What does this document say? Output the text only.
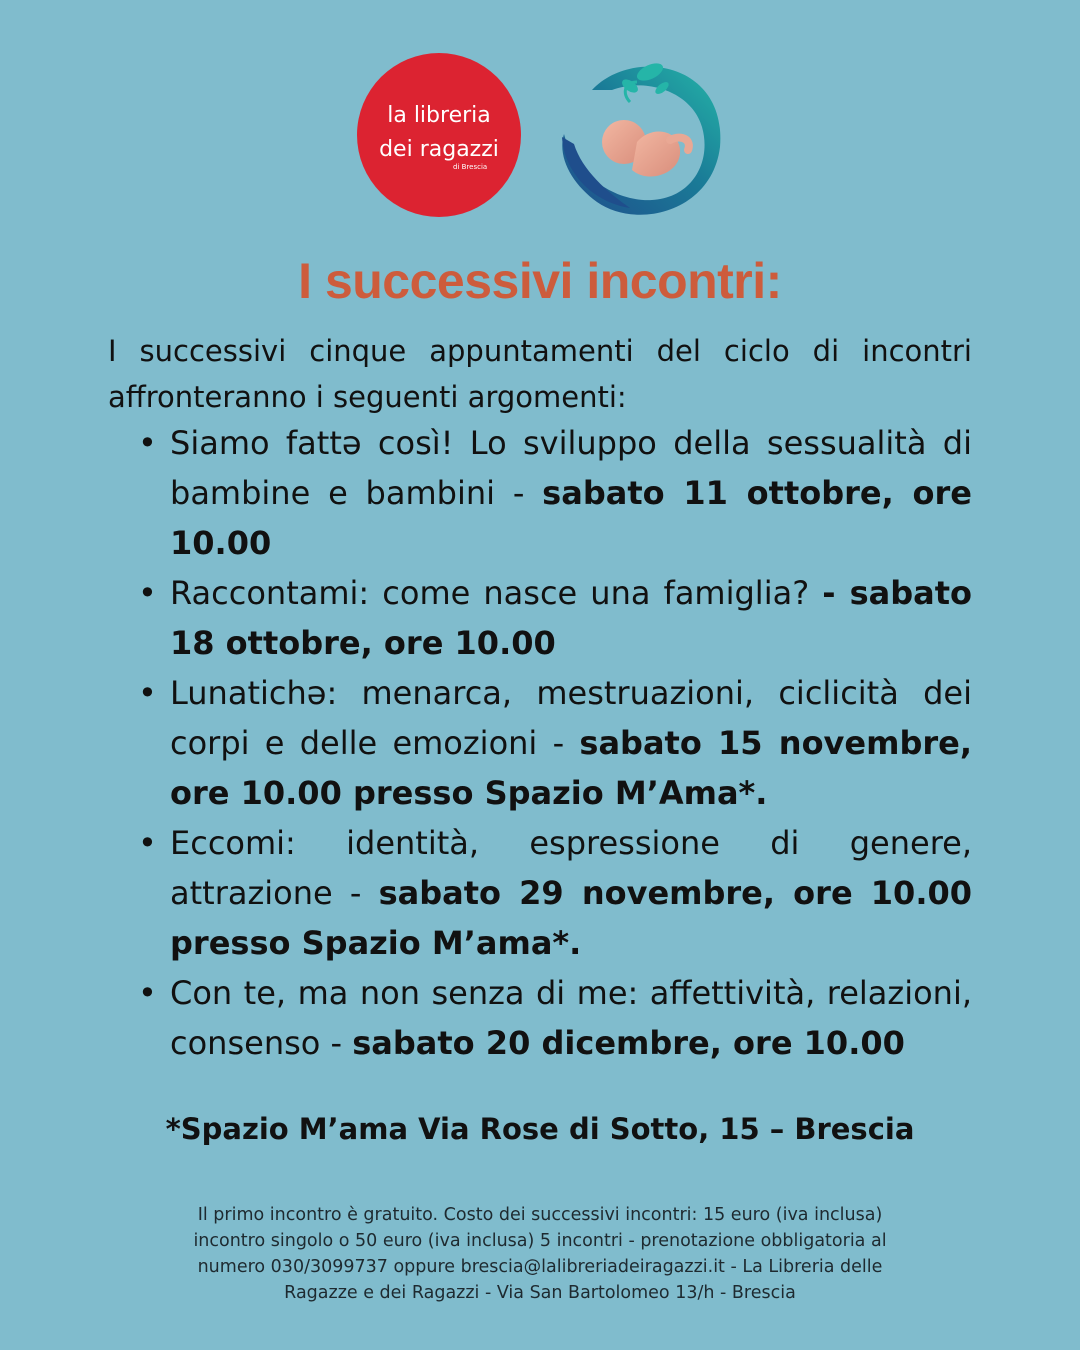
la libreria
dei ragazzi
di Brescia
I successivi incontri:

I successivi cinque appuntamenti del ciclo di incontri affronteranno i seguenti argomenti:

• Siamo fattə così! Lo sviluppo della sessualità di bambine e bambini - sabato 11 ottobre, ore 10.00
• Raccontami: come nasce una famiglia? - sabato 18 ottobre, ore 10.00
• Lunatichə: menarca, mestruazioni, ciclicità dei corpi e delle emozioni - sabato 15 novembre, ore 10.00 presso Spazio M’Ama*.
• Eccomi: identità, espressione di genere, attrazione - sabato 29 novembre, ore 10.00 presso Spazio M’ama*.
• Con te, ma non senza di me: affettività, relazioni, consenso - sabato 20 dicembre, ore 10.00

*Spazio M’ama Via Rose di Sotto, 15 – Brescia

Il primo incontro è gratuito. Costo dei successivi incontri: 15 euro (iva inclusa) incontro singolo o 50 euro (iva inclusa) 5 incontri - prenotazione obbligatoria al numero 030/3099737 oppure brescia@lalibreriadeiragazzi.it - La Libreria delle Ragazze e dei Ragazzi - Via San Bartolomeo 13/h - Brescia
